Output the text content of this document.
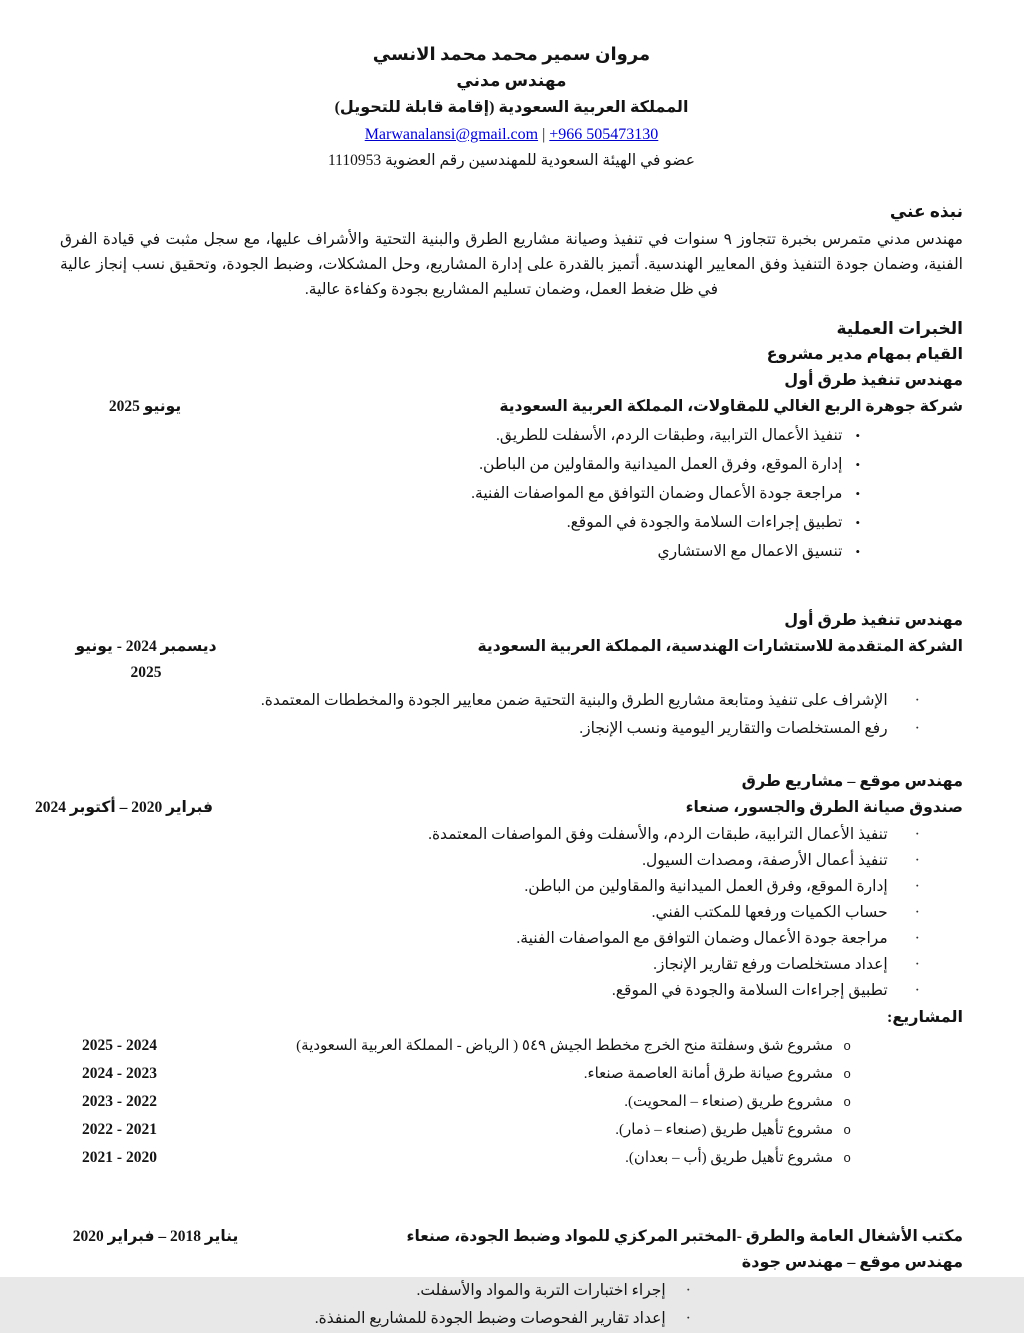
مروان سمير محمد محمد الانسي
مهندس مدني
المملكة العربية السعودية (إقامة قابلة للتحويل)
Marwanalansi@gmail.com | +966 505473130
عضو في الهيئة السعودية للمهندسين رقم العضوية 1110953
نبذه عني

مهندس مدني متمرس بخبرة تتجاوز ٩ سنوات في تنفيذ وصيانة مشاريع الطرق والبنية التحتية والأشراف عليها، مع سجل مثبت في قيادة الفرق الفنية، وضمان جودة التنفيذ وفق المعايير الهندسية. أتميز بالقدرة على إدارة المشاريع، وحل المشكلات، وضبط الجودة، وتحقيق نسب إنجاز عالية في ظل ضغط العمل، وضمان تسليم المشاريع بجودة وكفاءة عالية.

الخبرات العملية
القيام بمهام مدير مشروع
مهندس تنفيذ طرق أول
شركة جوهرة الربع الغالي للمقاولات، المملكة العربية السعودية
يونيو 2025
•
تنفيذ الأعمال الترابية، وطبقات الردم، الأسفلت للطريق.
•
إدارة الموقع، وفرق العمل الميدانية والمقاولين من الباطن.
•
مراجعة جودة الأعمال وضمان التوافق مع المواصفات الفنية.
•
تطبيق إجراءات السلامة والجودة في الموقع.
•
تنسيق الاعمال مع الاستشاري
مهندس تنفيذ طرق أول
الشركة المتقدمة للاستشارات الهندسية، المملكة العربية السعودية
ديسمبر 2024 - يونيو 2025
·
الإشراف على تنفيذ ومتابعة مشاريع الطرق والبنية التحتية ضمن معايير الجودة والمخططات المعتمدة.
·
رفع المستخلصات والتقارير اليومية ونسب الإنجاز.
مهندس موقع – مشاريع طرق
صندوق صيانة الطرق والجسور، صنعاء
فبراير 2020 – أكتوبر 2024
·
تنفيذ الأعمال الترابية، طبقات الردم، والأسفلت وفق المواصفات المعتمدة.
·
تنفيذ أعمال الأرصفة، ومصدات السيول.
·
إدارة الموقع، وفرق العمل الميدانية والمقاولين من الباطن.
·
حساب الكميات ورفعها للمكتب الفني.
·
مراجعة جودة الأعمال وضمان التوافق مع المواصفات الفنية.
·
إعداد مستخلصات ورفع تقارير الإنجاز.
·
تطبيق إجراءات السلامة والجودة في الموقع.
المشاريع:
o
مشروع شق وسفلتة منح الخرج مخطط الجيش ٥٤٩ ( الرياض - المملكة العربية السعودية)
2024 - 2025
o
مشروع صيانة طرق أمانة العاصمة صنعاء.
2023 - 2024
o
مشروع طريق (صنعاء – المحويت).
2022 - 2023
o
مشروع تأهيل طريق (صنعاء – ذمار).
2021 - 2022
o
مشروع تأهيل طريق (أب – بعدان).
2020 - 2021
مكتب الأشغال العامة والطرق -المختبر المركزي للمواد وضبط الجودة، صنعاء
يناير 2018 – فبراير 2020
مهندس موقع – مهندس جودة
·
إجراء اختبارات التربة والمواد والأسفلت.
·
إعداد تقارير الفحوصات وضبط الجودة للمشاريع المنفذة.
